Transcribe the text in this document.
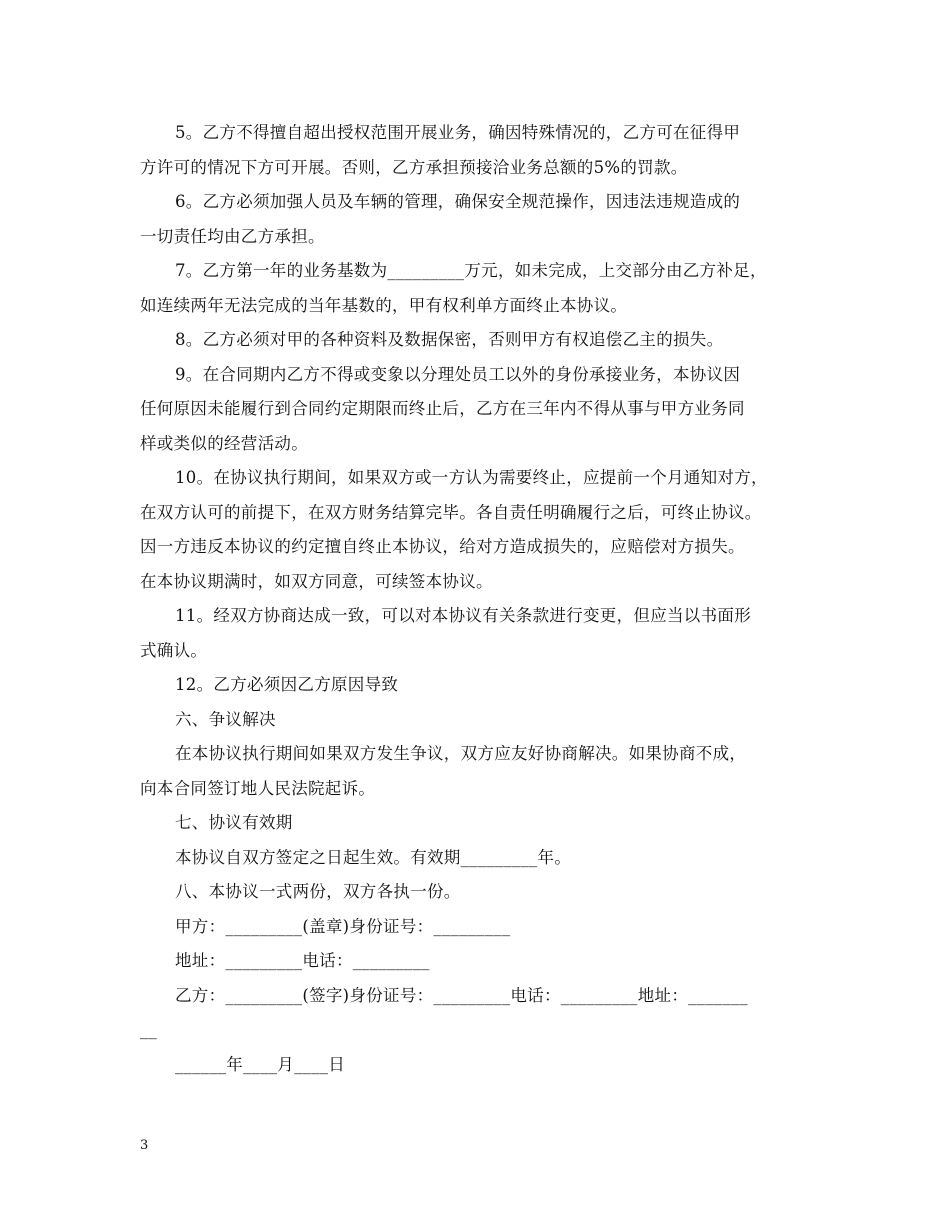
5。乙方不得擅自超出授权范围开展业务，确因特殊情况的，乙方可在征得甲
方许可的情况下方可开展。否则，乙方承担预接洽业务总额的5%的罚款。
6。乙方必须加强人员及车辆的管理，确保安全规范操作，因违法违规造成的
一切责任均由乙方承担。
7。乙方第一年的业务基数为_________万元，如未完成，上交部分由乙方补足，
如连续两年无法完成的当年基数的，甲有权利单方面终止本协议。
8。乙方必须对甲的各种资料及数据保密，否则甲方有权追偿乙主的损失。
9。在合同期内乙方不得或变象以分理处员工以外的身份承接业务，本协议因
任何原因未能履行到合同约定期限而终止后，乙方在三年内不得从事与甲方业务同
样或类似的经营活动。
10。在协议执行期间，如果双方或一方认为需要终止，应提前一个月通知对方，
在双方认可的前提下，在双方财务结算完毕。各自责任明确履行之后，可终止协议。
因一方违反本协议的约定擅自终止本协议，给对方造成损失的，应赔偿对方损失。
在本协议期满时，如双方同意，可续签本协议。
11。经双方协商达成一致，可以对本协议有关条款进行变更，但应当以书面形
式确认。
12。乙方必须因乙方原因导致
六、争议解决
在本协议执行期间如果双方发生争议，双方应友好协商解决。如果协商不成，
向本合同签订地人民法院起诉。
七、协议有效期
本协议自双方签定之日起生效。有效期_________年。
八、本协议一式两份，双方各执一份。
甲方：_________(盖章)身份证号：_________
地址：_________电话：_________
乙方：_________(签字)身份证号：_________电话：_________地址：_______
__
______年____月____日
3
